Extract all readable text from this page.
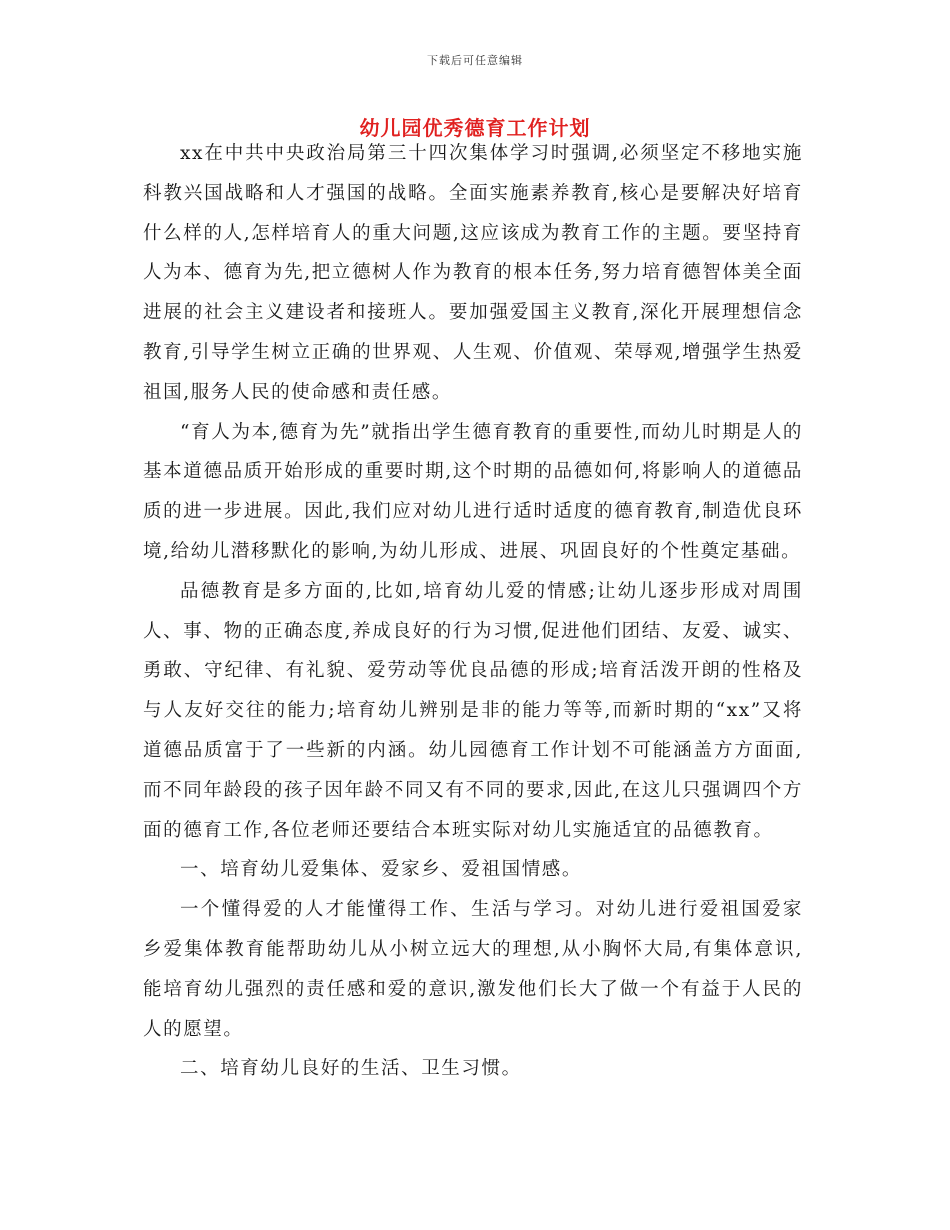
下载后可任意编辑
幼儿园优秀德育工作计划

xx在中共中央政治局第三十四次集体学习时强调,必须坚定不移地实施科教兴国战略和人才强国的战略。全面实施素养教育,核心是要解决好培育什么样的人,怎样培育人的重大问题,这应该成为教育工作的主题。要坚持育人为本、德育为先,把立德树人作为教育的根本任务,努力培育德智体美全面进展的社会主义建设者和接班人。要加强爱国主义教育,深化开展理想信念教育,引导学生树立正确的世界观、人生观、价值观、荣辱观,增强学生热爱祖国,服务人民的使命感和责任感。

“育人为本,德育为先”就指出学生德育教育的重要性,而幼儿时期是人的基本道德品质开始形成的重要时期,这个时期的品德如何,将影响人的道德品质的进一步进展。因此,我们应对幼儿进行适时适度的德育教育,制造优良环境,给幼儿潜移默化的影响,为幼儿形成、进展、巩固良好的个性奠定基础。

品德教育是多方面的,比如,培育幼儿爱的情感;让幼儿逐步形成对周围人、事、物的正确态度,养成良好的行为习惯,促进他们团结、友爱、诚实、勇敢、守纪律、有礼貌、爱劳动等优良品德的形成;培育活泼开朗的性格及与人友好交往的能力;培育幼儿辨别是非的能力等等,而新时期的“xx”又将道德品质富于了一些新的内涵。幼儿园德育工作计划不可能涵盖方方面面,而不同年龄段的孩子因年龄不同又有不同的要求,因此,在这儿只强调四个方面的德育工作,各位老师还要结合本班实际对幼儿实施适宜的品德教育。

一、培育幼儿爱集体、爱家乡、爱祖国情感。

一个懂得爱的人才能懂得工作、生活与学习。对幼儿进行爱祖国爱家乡爱集体教育能帮助幼儿从小树立远大的理想,从小胸怀大局,有集体意识,能培育幼儿强烈的责任感和爱的意识,激发他们长大了做一个有益于人民的人的愿望。

二、培育幼儿良好的生活、卫生习惯。
